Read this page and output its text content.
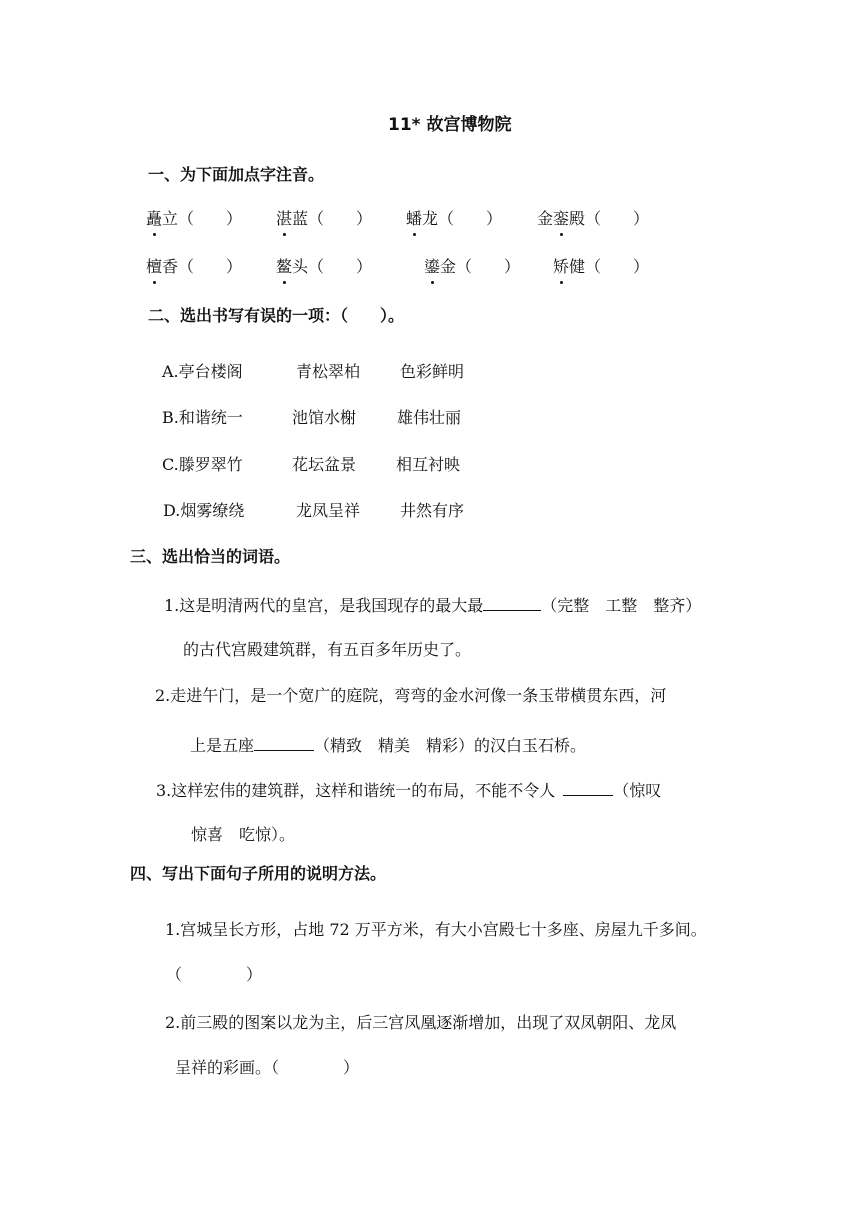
11* 故宫博物院
一、为下面加点字注音。
矗立（　　） 湛蓝（　　） 蟠龙（　　） 金銮殿（　　）
檀香（　　） 鳌头（　　）	鎏金（　　） 矫健（　　）
二、选出书写有误的一项：（　　）。
A.亭台楼阁	青松翠柏 色彩鲜明
B.和谐统一	池馆水榭	雄伟壮丽
C.滕罗翠竹	花坛盆景 相互衬映
D.烟雾缭绕	龙凤呈祥 井然有序
三、选出恰当的词语。
1.这是明清两代的皇宫，是我国现存的最大最	（完整　工整　整齐）
的古代宫殿建筑群，有五百多年历史了。
2.走进午门，是一个宽广的庭院，弯弯的金水河像一条玉带横贯东西，河
上是五座	（精致　精美　精彩）的汉白玉石桥。
3.这样宏伟的建筑群，这样和谐统一的布局，不能不令人	（惊叹
惊喜　吃惊）。
四、写出下面句子所用的说明方法。
1.宫城呈长方形，占地 72 万平方米，有大小宫殿七十多座、房屋九千多间。
（　　　　）
2.前三殿的图案以龙为主，后三宫凤凰逐渐增加，出现了双凤朝阳、龙凤
呈祥的彩画。（　　　　）
